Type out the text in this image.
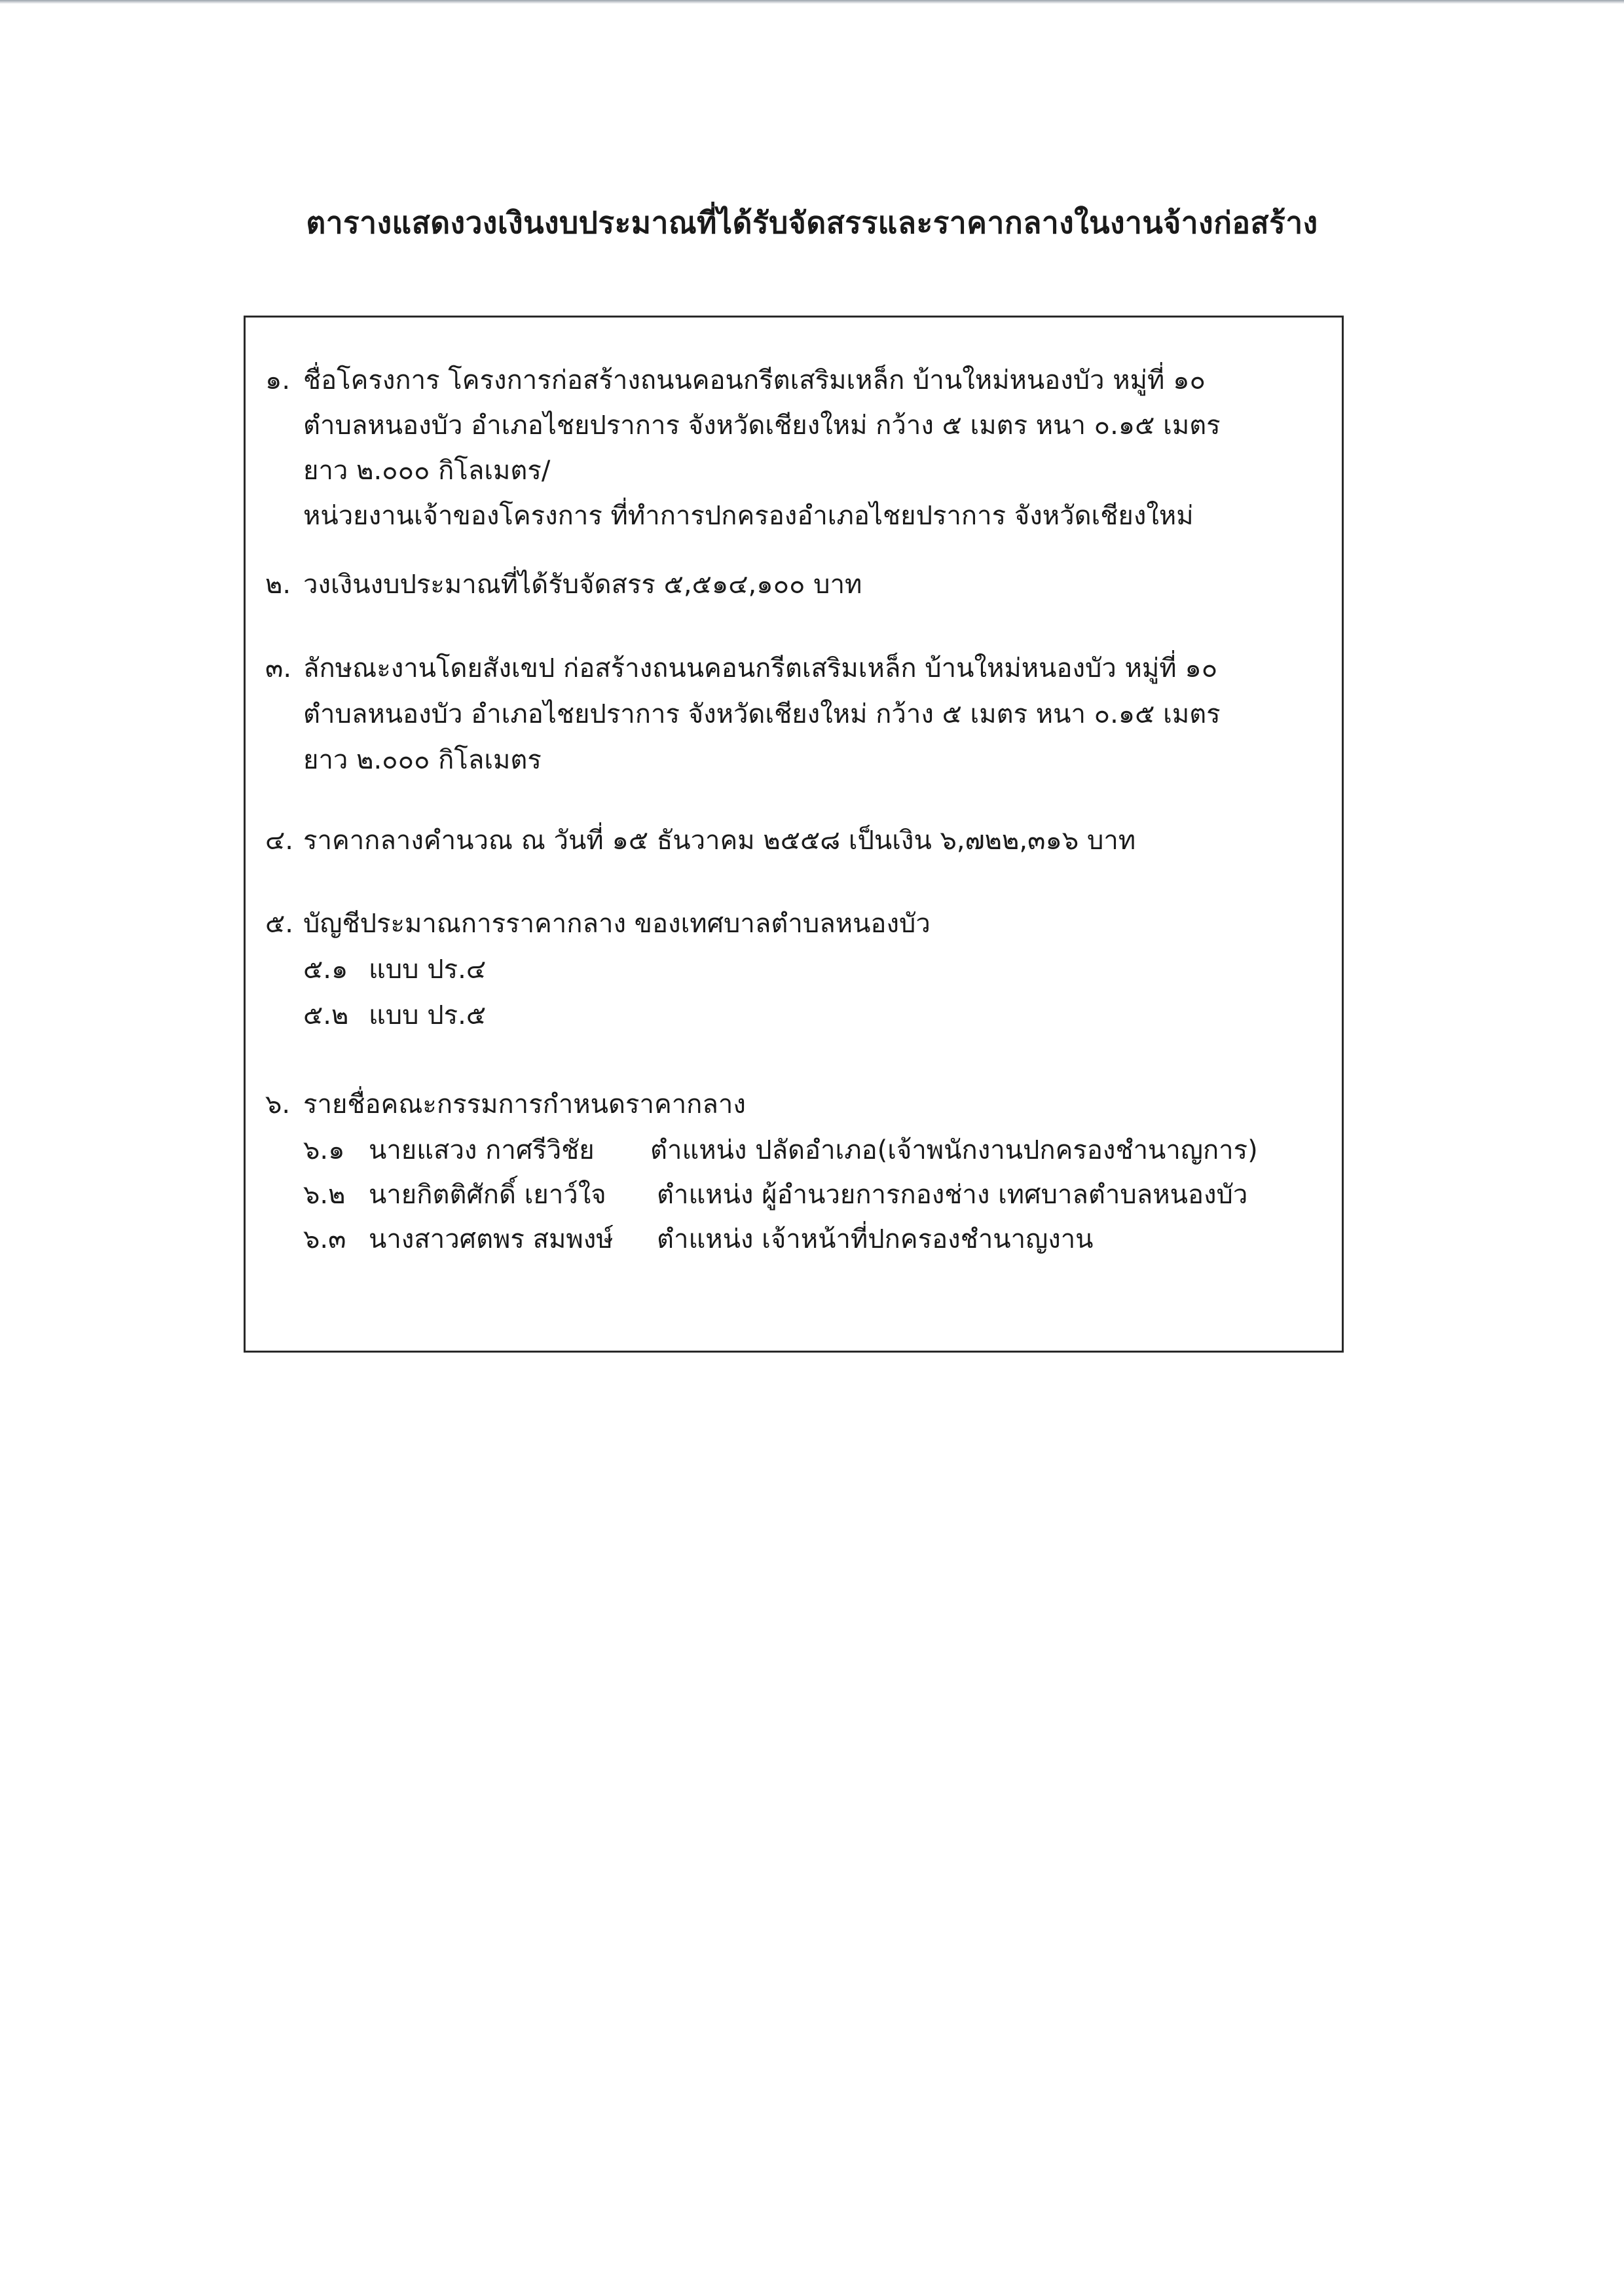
ตารางแสดงวงเงินงบประมาณที่ได้รับจัดสรรและราคากลางในงานจ้างก่อสร้าง
๑. ชื่อโครงการ โครงการก่อสร้างถนนคอนกรีตเสริมเหล็ก บ้านใหม่หนองบัว หมู่ที่ ๑๐
ตำบลหนองบัว อำเภอไชยปราการ จังหวัดเชียงใหม่ กว้าง ๕ เมตร หนา ๐.๑๕ เมตร
ยาว ๒.๐๐๐ กิโลเมตร/
หน่วยงานเจ้าของโครงการ ที่ทำการปกครองอำเภอไชยปราการ จังหวัดเชียงใหม่
๒. วงเงินงบประมาณที่ได้รับจัดสรร ๕,๕๑๔,๑๐๐ บาท
๓. ลักษณะงานโดยสังเขป ก่อสร้างถนนคอนกรีตเสริมเหล็ก บ้านใหม่หนองบัว หมู่ที่ ๑๐
ตำบลหนองบัว อำเภอไชยปราการ จังหวัดเชียงใหม่ กว้าง ๕ เมตร หนา ๐.๑๕ เมตร
ยาว ๒.๐๐๐ กิโลเมตร
๔. ราคากลางคำนวณ ณ วันที่ ๑๕ ธันวาคม ๒๕๕๘ เป็นเงิน ๖,๗๒๒,๓๑๖ บาท
๕. บัญชีประมาณการราคากลาง ของเทศบาลตำบลหนองบัว
๕.๑ แบบ ปร.๔
๕.๒ แบบ ปร.๕
๖. รายชื่อคณะกรรมการกำหนดราคากลาง
๖.๑ นายแสวง กาศรีวิชัย ตำแหน่ง ปลัดอำเภอ(เจ้าพนักงานปกครองชำนาญการ)
๖.๒ นายกิตติศักดิ์ เยาว์ใจ ตำแหน่ง ผู้อำนวยการกองช่าง เทศบาลตำบลหนองบัว
๖.๓ นางสาวศตพร สมพงษ์ ตำแหน่ง เจ้าหน้าที่ปกครองชำนาญงาน
